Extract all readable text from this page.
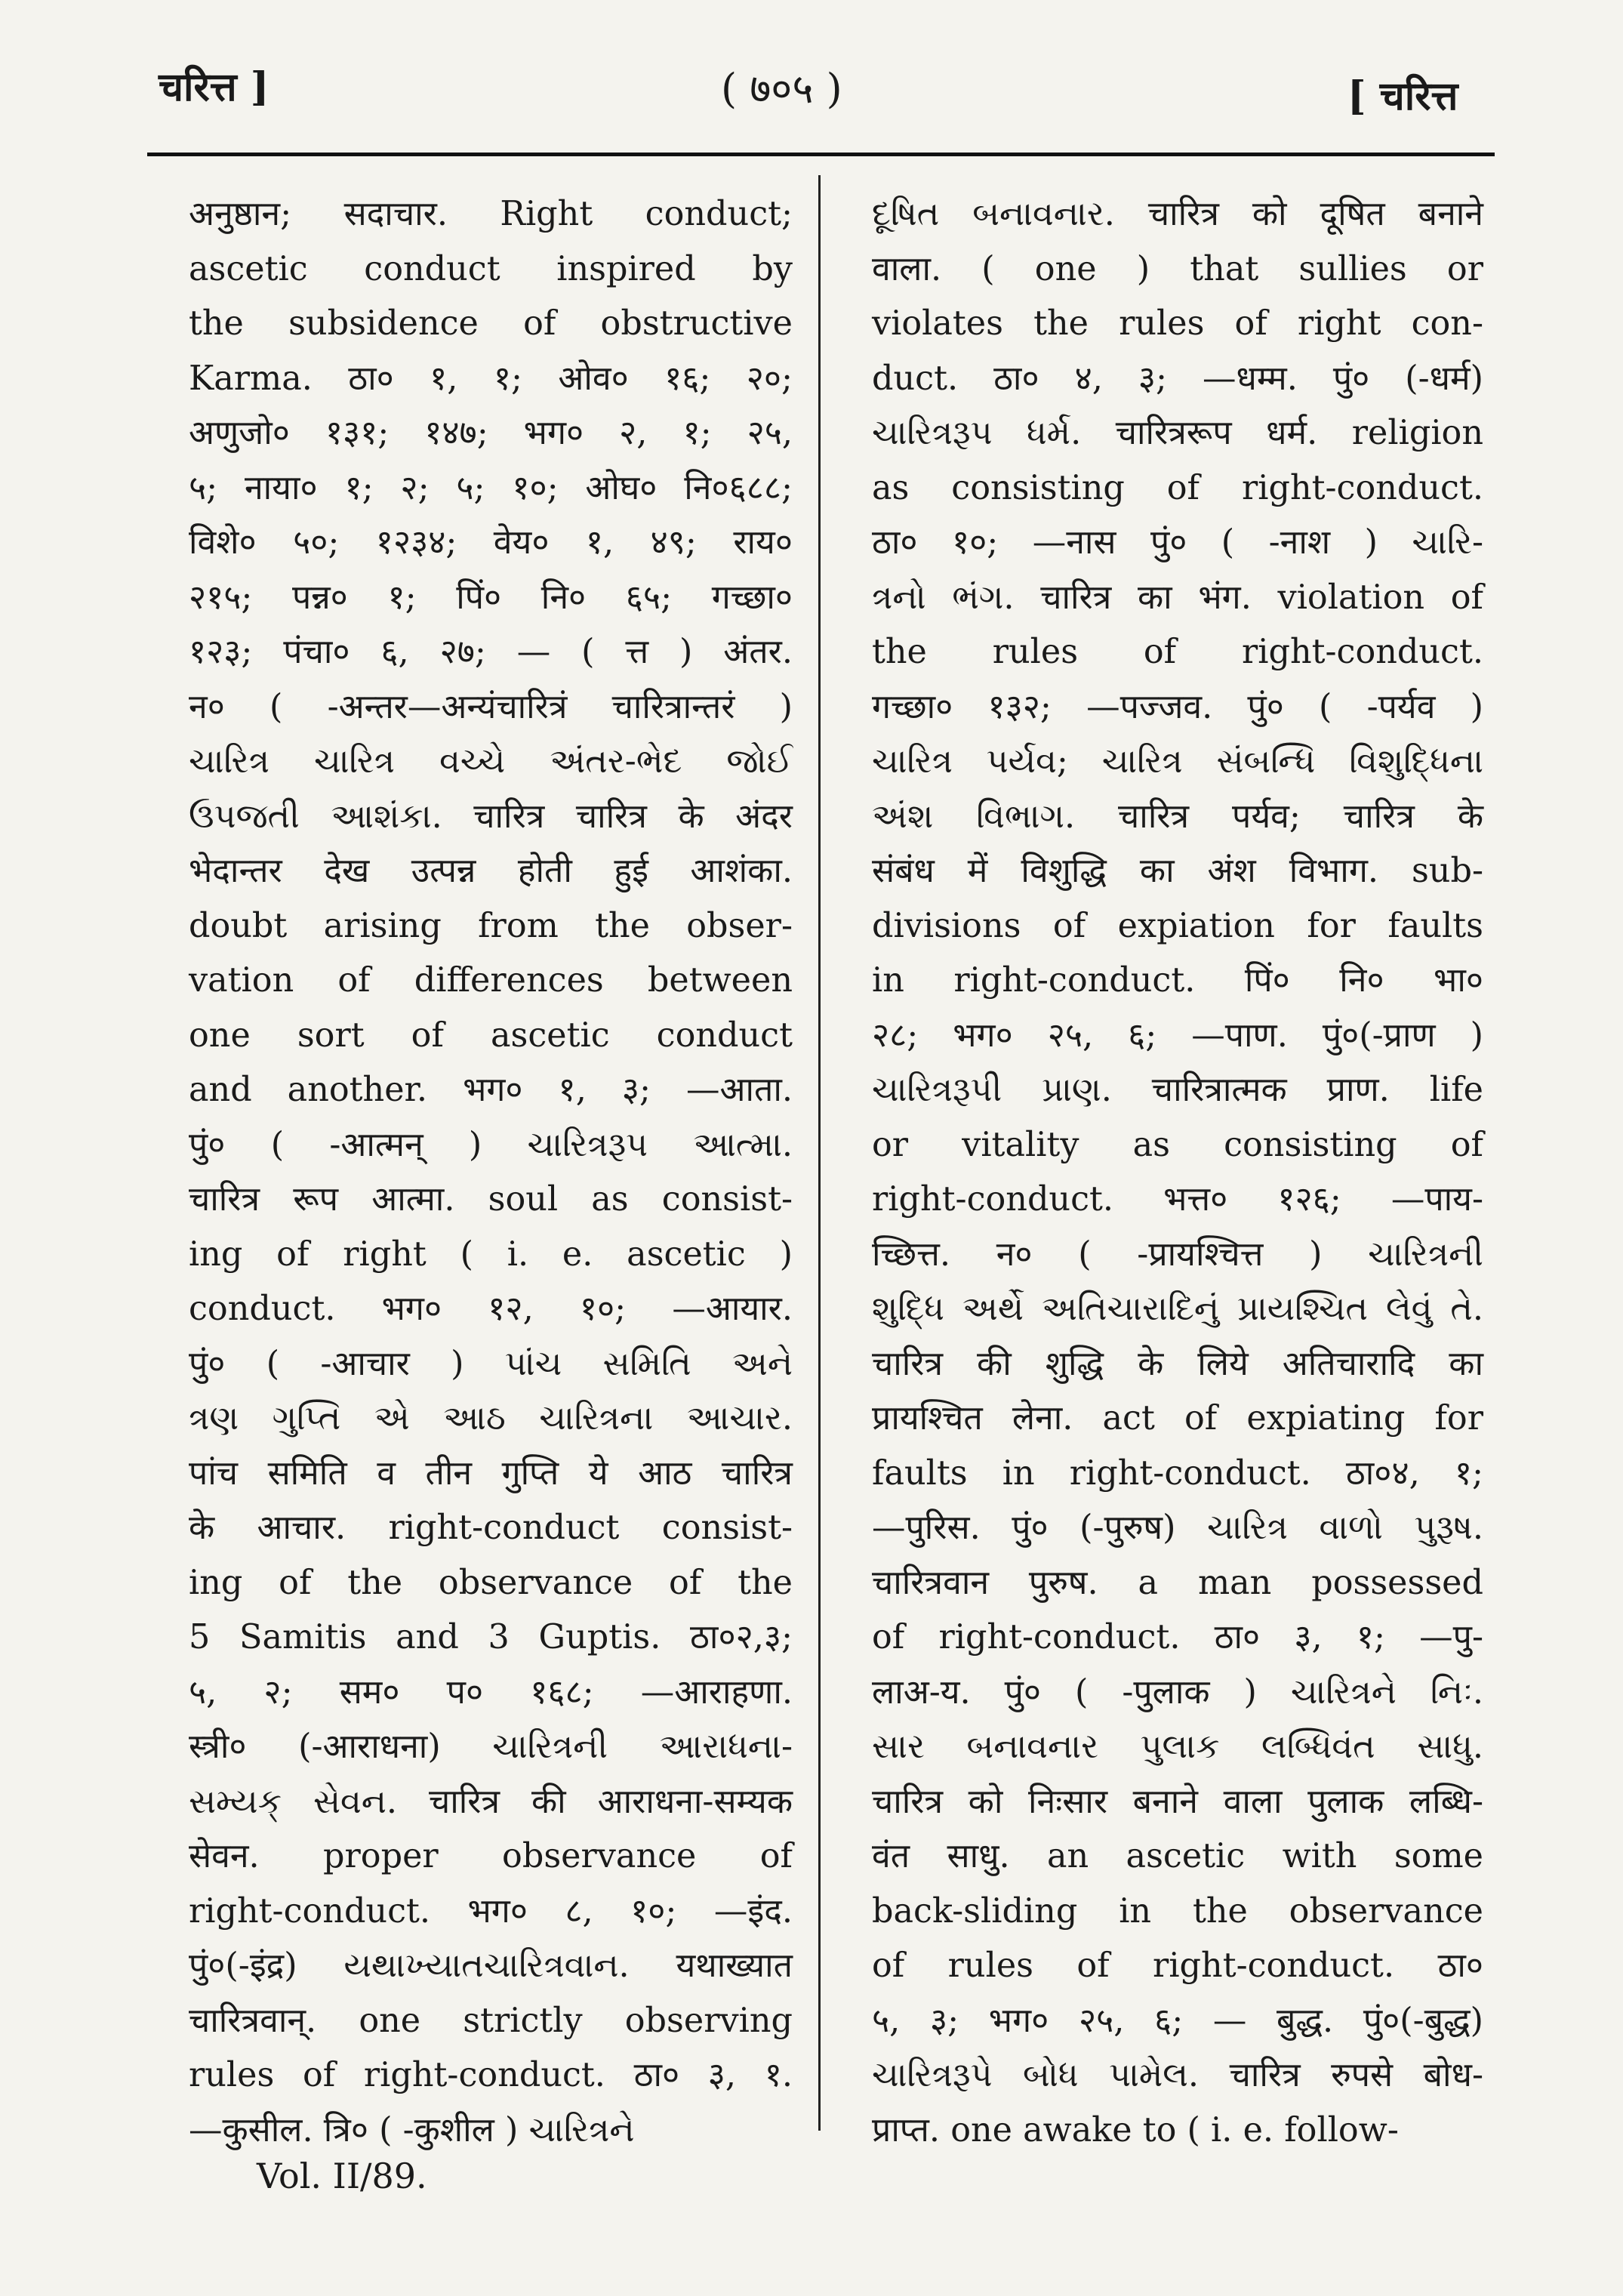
चरित्त ]	( ७०५ )	[ चरित्त
अनुष्ठान; सदाचार. Right conduct;
ascetic conduct inspired by
the subsidence of obstructive
Karma. ठा० १, १; ओव० १६; २०;
अणुजो० १३१; १४७; भग० २, १; २५,
५; नाया० १; २; ५; १०; ओघ० नि०६८८;
विशे० ५०; १२३४; वेय० १, ४९; राय०
२१५; पन्न० १; पिं० नि० ६५; गच्छा०
१२३; पंचा० ६, २७; — ( त्त ) अंतर.
न० ( -अन्तर—अन्यंचारित्रं चारित्रान्तरं )
ચારિત્ર ચારિત્ર વચ્ચે અંતર-ભેદ જોઈ
ઉપજતી આશંકા. चारित्र चारित्र के अंदर
भेदान्तर देख उत्पन्न होती हुई आशंका.
doubt arising from the obser-
vation of differences between
one sort of ascetic conduct
and another. भग० १, ३; —आता.
पुं० ( -आत्मन् ) ચારિત્રરૂપ આત્મા.
चारित्र रूप आत्मा. soul as consist-
ing of right ( i. e. ascetic )
conduct. भग० १२, १०; —आयार.
पुं० ( -आचार ) પાંચ સમિતિ અને
ત્રણ ગુપ્તિ એ આઠ ચારિત્રના આચાર.
पांच समिति व तीन गुप्ति ये आठ चारित्र
के आचार. right-conduct consist-
ing of the observance of the
5 Samitis and 3 Guptis. ठा०२,३;
५, २; सम० प० १६८; —आराहणा.
स्त्री० (-आराधना) ચારિત્રની આરાધના-
સમ્યક્ સેવન. चारित्र की आराधना-सम्यक
सेवन. proper observance of
right-conduct. भग० ८, १०; —इंद.
पुं०(-इंद्र) યથાખ્યાતચારિત્રવાન. यथाख्यात
चारित्रवान्. one strictly observing
rules of right-conduct. ठा० ३, १.
—कुसील. त्रि० ( -कुशील ) ચારિત્રને
દૂષિત બનાવનાર. चारित्र को दूषित बनाने
वाला. ( one ) that sullies or
violates the rules of right con-
duct. ठा० ४, ३; —धम्म. पुं० (-धर्म)
ચારિત્રરૂપ ધર્મ. चारित्ररूप धर्म. religion
as consisting of right-conduct.
ठा० १०; —नास पुं० ( -नाश ) ચારિ-
ત્રનો ભંગ. चारित्र का भंग. violation of
the rules of right-conduct.
गच्छा० १३२; —पज्जव. पुं० ( -पर्यव )
ચારિત્ર પર્યવ; ચારિત્ર સંબન્ધિ વિશુદ્ધિના
અંશ વિભાગ. चारित्र पर्यव; चारित्र के
संबंध में विशुद्धि का अंश विभाग. sub-
divisions of expiation for faults
in right-conduct. पिं० नि० भा०
२८; भग० २५, ६; —पाण. पुं०(-प्राण )
ચારિત્રરૂપી પ્રાણ. चारित्रात्मक प्राण. life
or vitality as consisting of
right-conduct. भत्त० १२६; —पाय-
च्छित्त. न० ( -प्रायश्चित्त ) ચારિત્રની
શુદ્ધિ અર્થે અતિચારાદિનું પ્રાયશ્ચિત લેવું તે.
चारित्र की शुद्धि के लिये अतिचारादि का
प्रायश्चित लेना. act of expiating for
faults in right-conduct. ठा०४, १;
—पुरिस. पुं० (-पुरुष) ચારિત્ર વાળો પુરૂષ.
चारित्रवान पुरुष. a man possessed
of right-conduct. ठा० ३, १; —पु-
लाअ-य. पुं० ( -पुलाक ) ચારિત્રને નિઃ.
સાર બનાવનાર પુલાક લબ્ધિવંત સાધુ.
चारित्र को निःसार बनाने वाला पुलाक लब्धि-
वंत साधु. an ascetic with some
back-sliding in the observance
of rules of right-conduct. ठा०
५, ३; भग० २५, ६; — बुद्ध. पुं०(-बुद्ध)
ચારિત્રરૂપે બોધ પામેલ. चारित्र रुपसे बोध-
प्राप्त. one awake to ( i. e. follow-
Vol. II/89.
